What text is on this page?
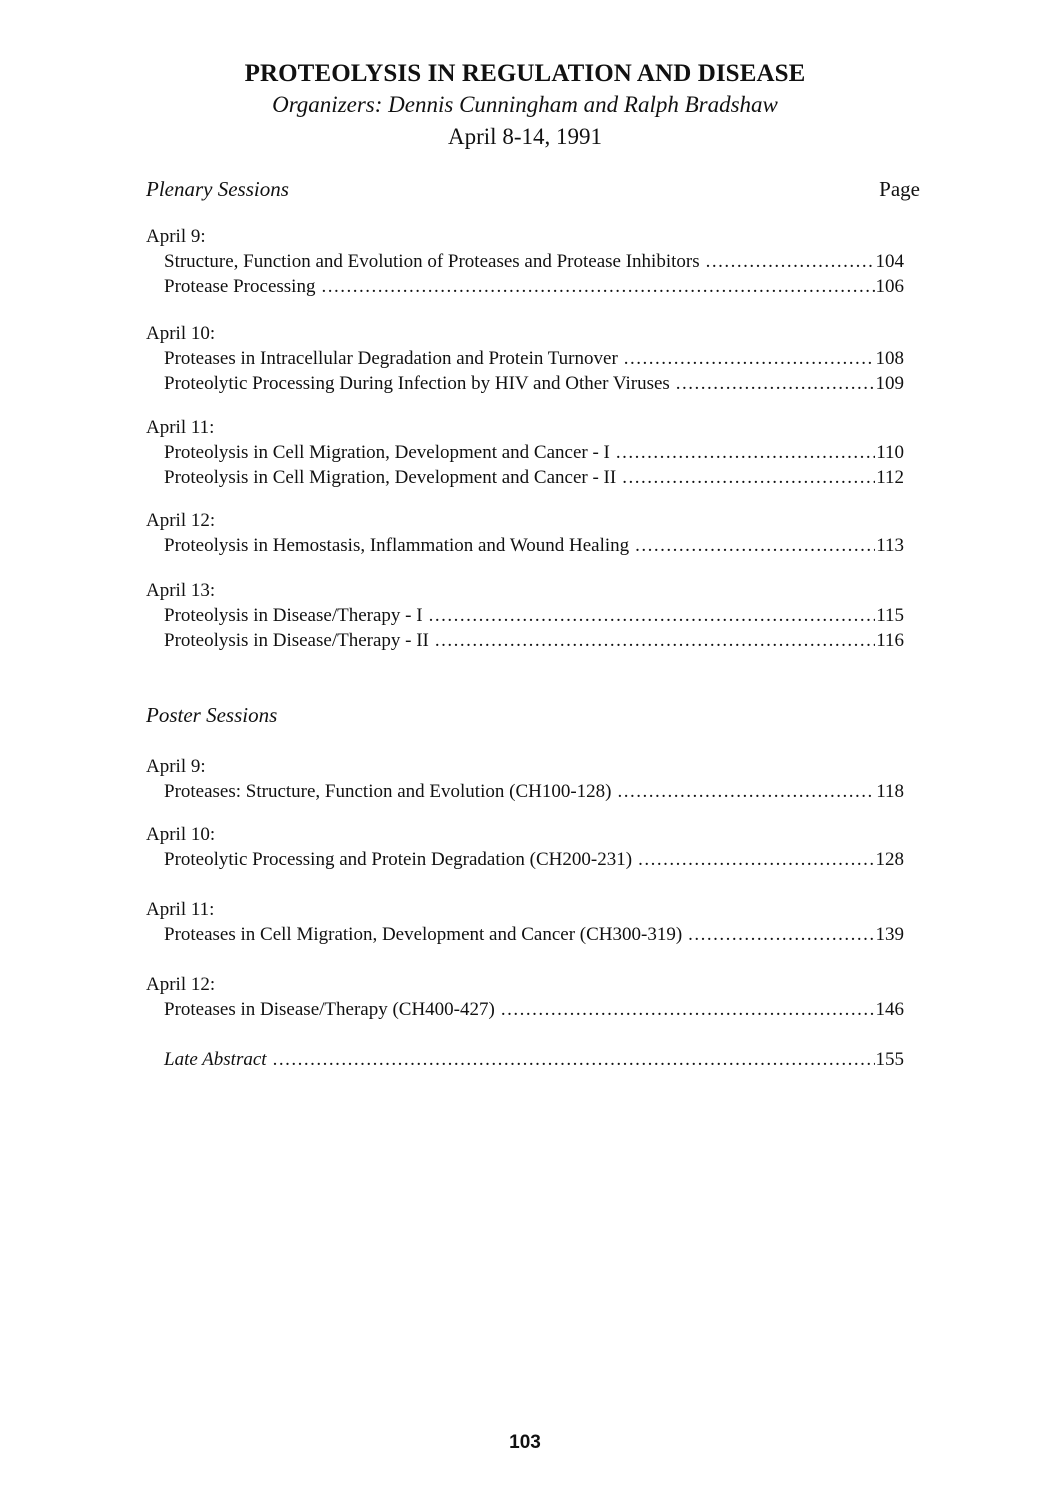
PROTEOLYSIS IN REGULATION AND DISEASE
Organizers: Dennis Cunningham and Ralph Bradshaw
April 8-14, 1991
Plenary Sessions	Page
April 9:
Structure, Function and Evolution of Proteases and Protease Inhibitors .....	104
Protease Processing .....	106
April 10:
Proteases in Intracellular Degradation and Protein Turnover .....	108
Proteolytic Processing During Infection by HIV and Other Viruses .....	109
April 11:
Proteolysis in Cell Migration, Development and Cancer - I .....	110
Proteolysis in Cell Migration, Development and Cancer - II .....	112
April 12:
Proteolysis in Hemostasis, Inflammation and Wound Healing .....	113
April 13:
Proteolysis in Disease/Therapy - I .....	115
Proteolysis in Disease/Therapy - II .....	116
Poster Sessions
April 9:
Proteases: Structure, Function and Evolution (CH100-128) .....	118
April 10:
Proteolytic Processing and Protein Degradation (CH200-231) .....	128
April 11:
Proteases in Cell Migration, Development and Cancer (CH300-319) .....	139
April 12:
Proteases in Disease/Therapy (CH400-427) .....	146
Late Abstract .....	155
103
